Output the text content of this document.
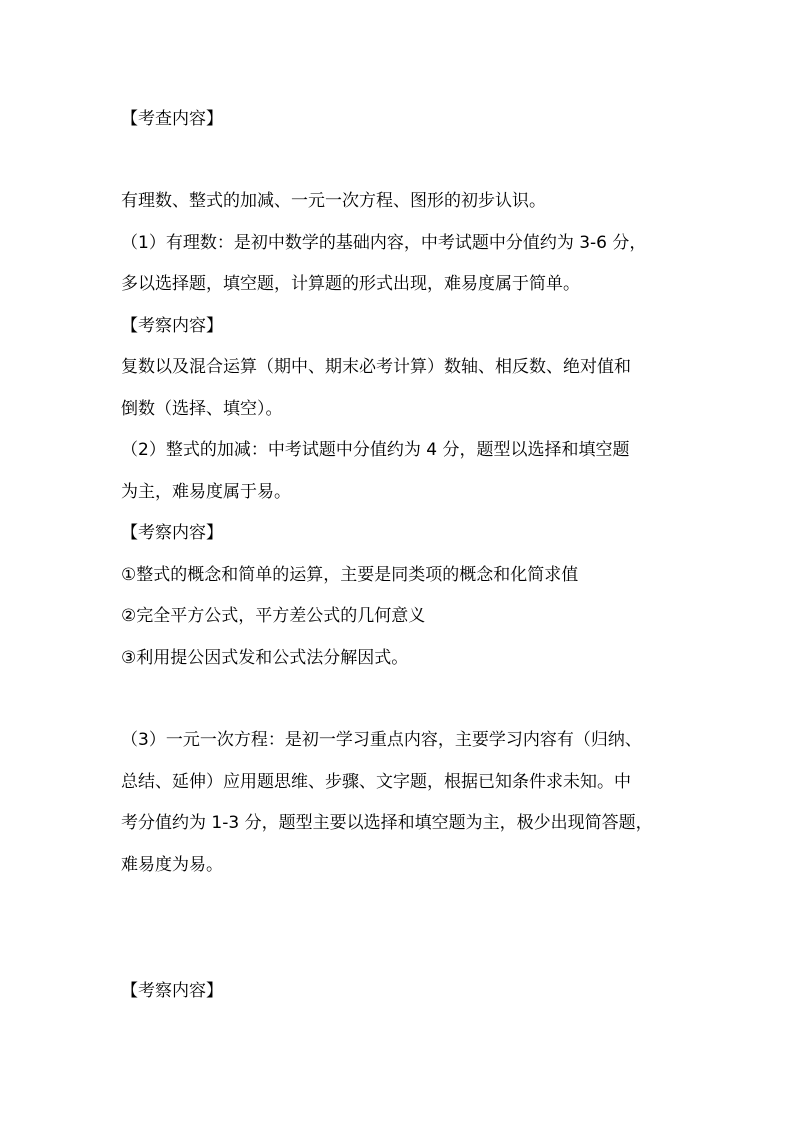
【考查内容】

有理数、整式的加减、一元一次方程、图形的初步认识。

（1）有理数：是初中数学的基础内容，中考试题中分值约为 3-6 分，

多以选择题，填空题，计算题的形式出现，难易度属于简单。

【考察内容】

复数以及混合运算（期中、期末必考计算）数轴、相反数、绝对值和

倒数（选择、填空）。

（2）整式的加减：中考试题中分值约为 4 分，题型以选择和填空题

为主，难易度属于易。

【考察内容】

①整式的概念和简单的运算，主要是同类项的概念和化简求值

②完全平方公式，平方差公式的几何意义

③利用提公因式发和公式法分解因式。

（3）一元一次方程：是初一学习重点内容，主要学习内容有（归纳、

总结、延伸）应用题思维、步骤、文字题，根据已知条件求未知。中

考分值约为 1-3 分，题型主要以选择和填空题为主，极少出现简答题，

难易度为易。

【考察内容】
